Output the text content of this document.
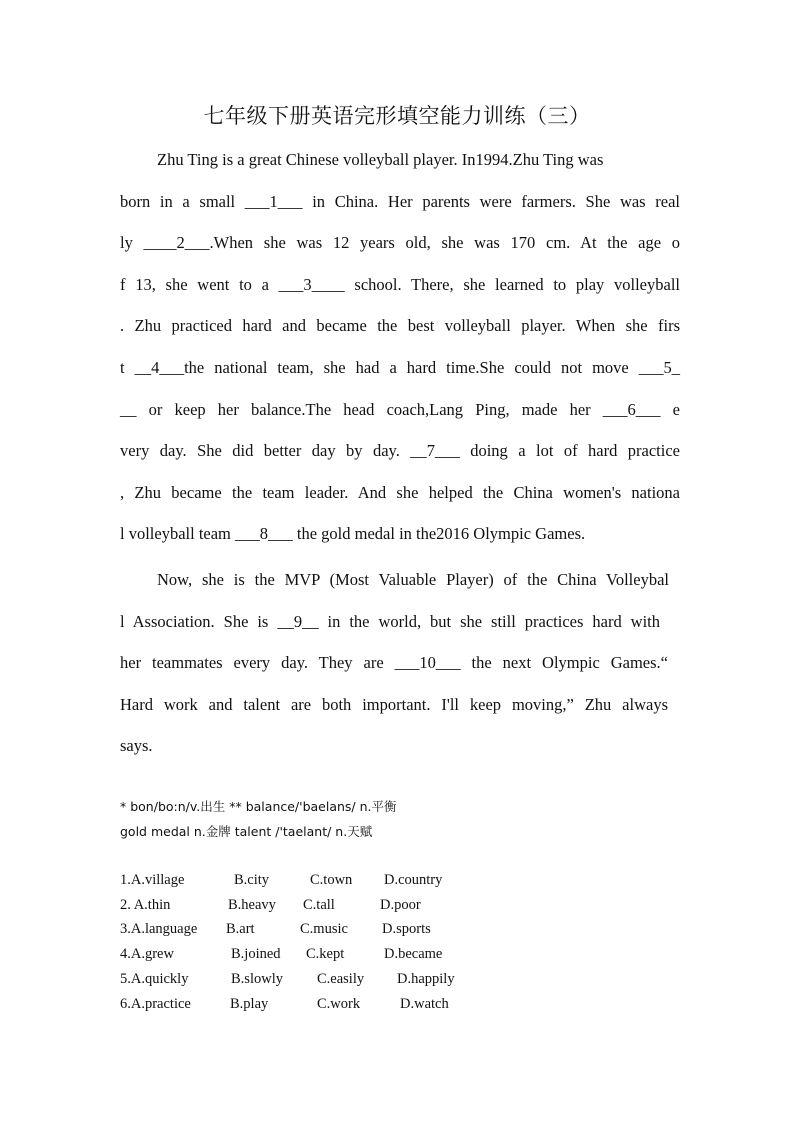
七年级下册英语完形填空能力训练（三）
Zhu Ting is a great Chinese volleyball player. In1994.Zhu Ting was
born in a small ___1___ in China. Her parents were farmers. She was real
ly ____2___.When she was 12 years old, she was 170 cm. At the age o
f 13, she went to a ___3____ school. There, she learned to play volleyball
. Zhu practiced hard and became the best volleyball player. When she firs
t __4___the national team, she had a hard time.She could not move ___5_
__ or keep her balance.The head coach,Lang Ping, made her ___6___ e
very day. She did better day by day. __7___ doing a lot of hard practice
, Zhu became the team leader. And she helped the China women's nationa
l volleyball team ___8___ the gold medal in the2016 Olympic Games.
Now, she is the MVP (Most Valuable Player) of the China Volleybal
l Association. She is __9__ in the world, but she still practices hard with
her teammates every day. They are ___10___ the next Olympic Games.“
Hard work and talent are both important. I'll keep moving,” Zhu always
says.
* bon/bo:n/v.出生 ** balance/'baelans/ n.平衡
gold medal n.金牌 talent /'taelant/ n.天赋
1.A.village	B.city	C.town D.country
2. A.thin	B.heavy C.tall	D.poor
3.A.language B.art	C.music D.sports
4.A.grew	B.joined C.kept	D.became
5.A.quickly	B.slowly C.easily D.happily
6.A.practice	B.play	C.work	D.watch
